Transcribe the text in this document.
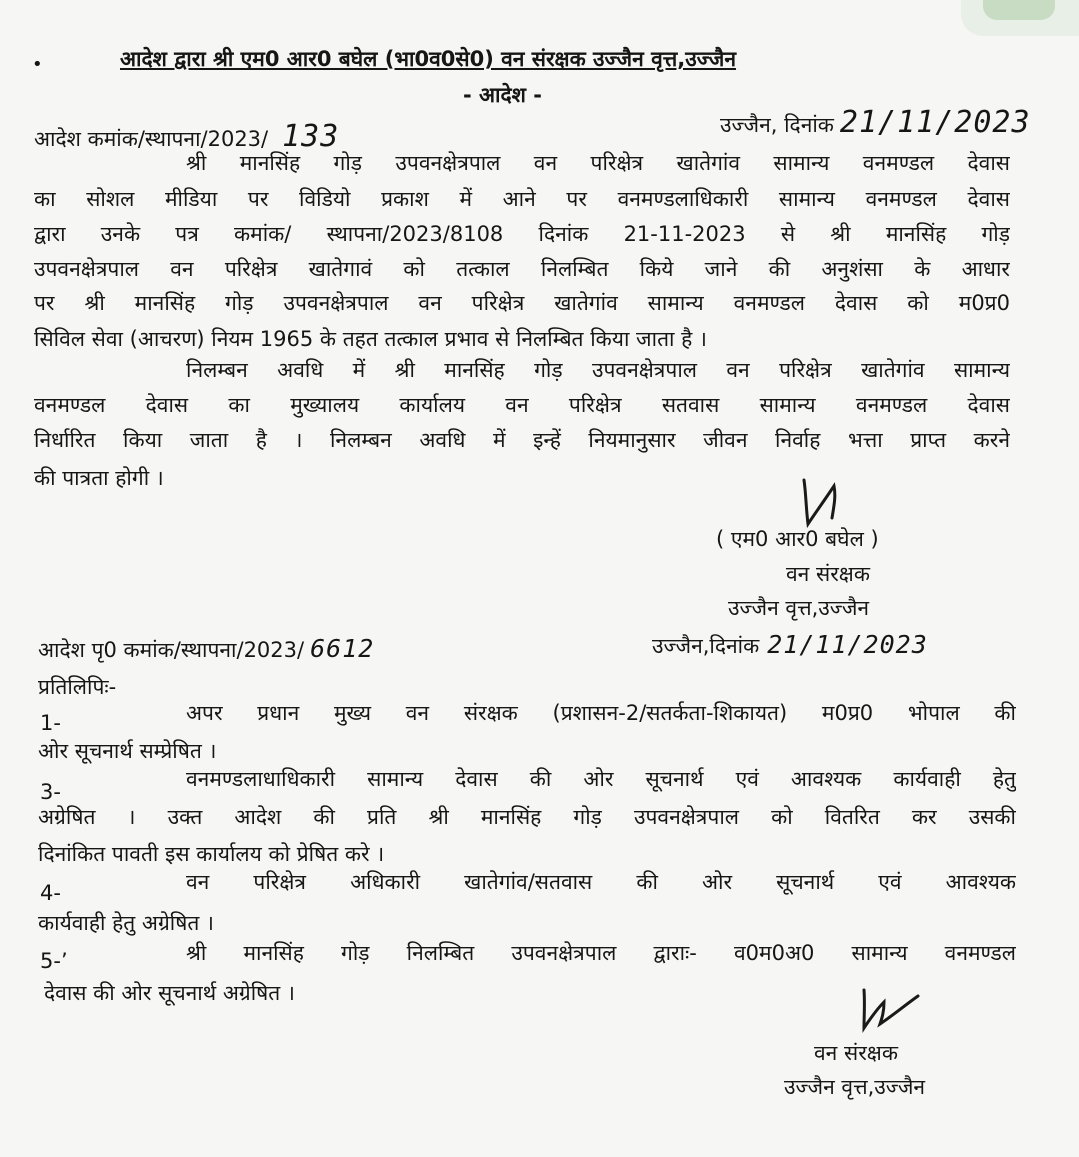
•	आदेश द्वारा श्री एम0 आर0 बघेल (भा0व0से0) वन संरक्षक उज्जैन वृत्त,उज्जैन
- आदेश -
आदेश कमांक/स्थापना/2023/ 133	उज्जैन, दिनांक 21/11/2023
श्री मानसिंह गोड़ उपवनक्षेत्रपाल वन परिक्षेत्र खातेगांव सामान्य वनमण्डल देवास
का सोशल मीडिया पर विडियो प्रकाश में आने पर वनमण्डलाधिकारी सामान्य वनमण्डल देवास
द्वारा उनके पत्र कमांक/ स्थापना/2023/8108 दिनांक 21-11-2023 से श्री मानसिंह गोड़
उपवनक्षेत्रपाल वन परिक्षेत्र खातेगावं को तत्काल निलम्बित किये जाने की अनुशंसा के आधार
पर श्री मानसिंह गोड़ उपवनक्षेत्रपाल वन परिक्षेत्र खातेगांव सामान्य वनमण्डल देवास को म0प्र0
सिविल सेवा (आचरण) नियम 1965 के तहत तत्काल प्रभाव से निलम्बित किया जाता है ।
निलम्बन अवधि में श्री मानसिंह गोड़ उपवनक्षेत्रपाल वन परिक्षेत्र खातेगांव सामान्य
वनमण्डल देवास का मुख्यालय कार्यालय वन परिक्षेत्र सतवास सामान्य वनमण्डल देवास
निर्धारित किया जाता है । निलम्बन अवधि में इन्हें नियमानुसार जीवन निर्वाह भत्ता प्राप्त करने
की पात्रता होगी ।
( एम0 आर0 बघेल )
वन संरक्षक
उज्जैन वृत्त,उज्जैन
आदेश पृ0 कमांक/स्थापना/2023/ 6612	उज्जैन,दिनांक 21/11/2023
प्रतिलिपिः-
1-	अपर प्रधान मुख्य वन संरक्षक (प्रशासन-2/सतर्कता-शिकायत) म0प्र0 भोपाल की
ओर सूचनार्थ सम्प्रेषित ।
3-
वनमण्डलाधाधिकारी सामान्य देवास की ओर सूचनार्थ एवं आवश्यक कार्यवाही हेतु
अग्रेषित । उक्त आदेश की प्रति श्री मानसिंह गोड़ उपवनक्षेत्रपाल को वितरित कर उसकी
दिनांकित पावती इस कार्यालय को प्रेषित करे ।
4-	वन परिक्षेत्र अधिकारी खातेगांव/सतवास की ओर सूचनार्थ एवं आवश्यक
कार्यवाही हेतु अग्रेषित ।
5-’	श्री मानसिंह गोड़ निलम्बित उपवनक्षेत्रपाल द्वाराः- व0म0अ0 सामान्य वनमण्डल
देवास की ओर सूचनार्थ अग्रेषित ।
वन संरक्षक
उज्जैन वृत्त,उज्जैन
